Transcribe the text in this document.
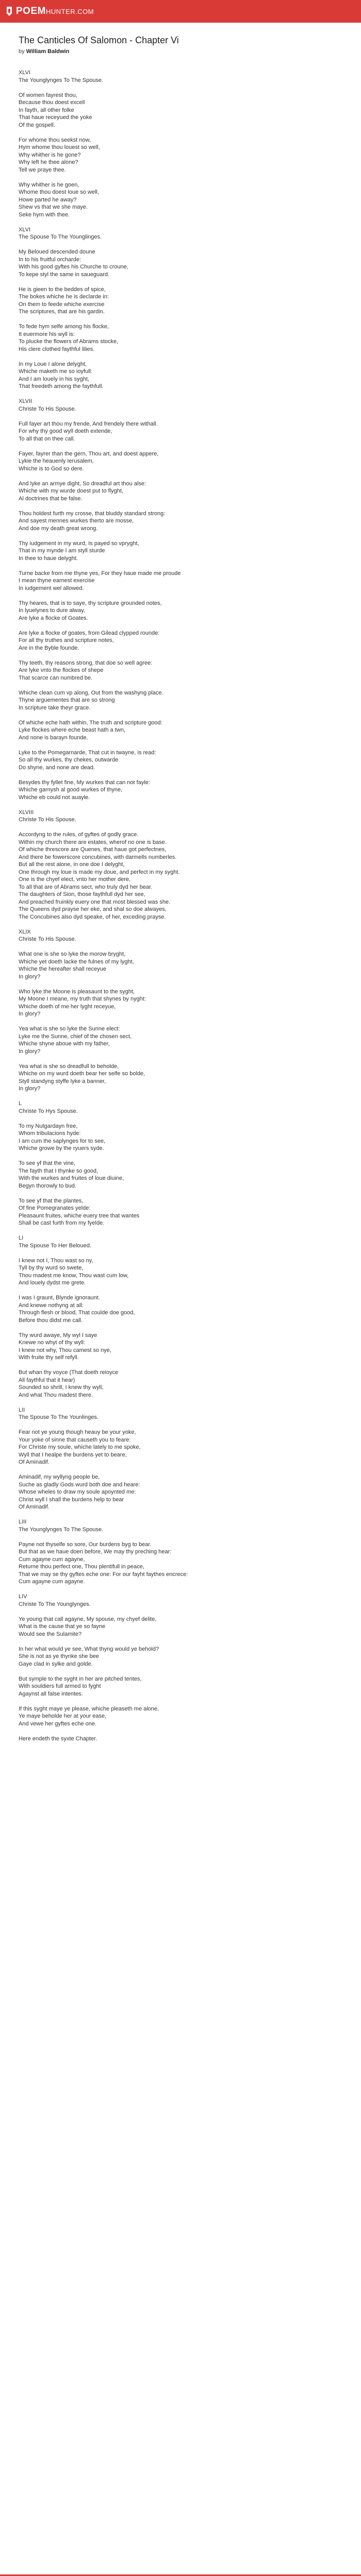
POEM HUNTER.COM
The Canticles Of Salomon - Chapter Vi
by William Baldwin
XLVI
The Younglynges To The Spouse.
Of women fayrest thou,
Because thou doest excell
In fayth, all other folke
That haue receyued the yoke
Of the gospell.
For whome thou seekst now,
Hym whome thou louest so well,
Why whither is he gone?
Why left he thee alone?
Tell we praye thee.
Why whither is he goen,
Whome thou doest loue so well,
Howe parted he away?
Shew vs that we she maye.
Seke hym with thee.
XLVI
The Spouse To The Younglinges.
My Beloued descended doune
In to his fruitful orcharde:
With his good gyftes his Churche to croune,
To kepe styl the same in saueguard.
He is gieen to the beddes of spice,
The bokes whiche he is declarde in:
On them to feede whiche exercise
The scriptures, that are his gardin.
To fede hym selfe among his flocke,
It euermore his wyll is:
To plucke the flowers of Abrams stocke,
His clere clothed faythful lilies.
In my Loue I alone delyght,
Whiche maketh me so ioyfull:
And I am louely in his syght,
That freedeth among the faythfull.
XLVII
Christe To His Spouse.
Full fayer art thou my frende, And frendely there withall.
For why thy good wyll doeth extende,
To all that on thee call.
Fayer, fayrer than the gern, Thou art, and doest appere,
Lykie the heauenly Ierusalem,
Whiche is to God so dere.
And lyke an armye dight, So dreadful art thou alse:
Whiche with my wurde doest put to flyght,
Al doctrines that be false.
Thou holdest furth my crosse, that bluddy standard strong:
And sayest mennes wurkes therto are mosse,
And doe my death great wrong.
Thy iudgement in my wurd, Is payed so vpryght,
That in my mynde I am styll sturde
In thee to haue delyght.
Turne backe from me thyne yes, For they haue made me proude
I mean thyne earnest exercise
In iudgement wel allowed.
Thy heares, that is to saye, thy scripture grounded notes,
In lyuelynes to dure alway,
Are lyke a flocke of Goates.
Are lyke a flocke of goates, from Gilead clypped rounde:
For all thy truthes and scripture notes,
Are in the Byble founde.
Thy teeth, thy reasons strong, that doe so well agree:
Are lyke vnto the flockes of shepe
That scarce can numbred be.
Whiche clean cum vp along, Out from the washyng place.
Thyne arguementes that are so strong
In scripture take theyr grace.
Of whiche eche hath within, The truth and scripture good:
Lyke flockes where eche beast hath a twn,
And none is barayn founde.
Lyke to the Pomegarnarde, That cut in twayne, is read:
So all thy wurkes, thy chekes, outwarde
Do shyne, and none are dead.
Besydes thy fyllet fine, My wurkes that can not fayle:
Whiche garnysh al good wurkes of thyne,
Whiche eb could not auayle.
XLVIII
Christe To His Spouse.
Accordyng to the rules, of gyftes of godly grace.
Within my church there are estates, wherof no one is base.
Of whiche threscore are Quenes, that haue got perfectnes,
And there be fowerscore concubines, with darmells numberles.
But all the rest alone, in one doe I delyght,
One through my loue is made my doue, and perfect in my syght.
One is the chyef elect, vnto her mother dere,
To all that are of Abrams sect, who truly dyd her bear.
The daughters of Sion, those faythfull dyd her see,
And preached fruinkly euery one that most blessed was she.
The Queens dyd prayse her eke, and shal so doe alwayes,
The Concubines also dyd speake, of her, exceding prayse.
XLIX
Christe To His Spouse.
What one is she so lyke the morow bryght,
Whiche yet doeth lacke the fulnes of my lyght,
Whiche the hereafter shall receyue
In glory?
Who lyke the Moone is pleasaunt to the syght,
My Moone I meane, my truth that shynes by nyght:
Whiche doeth of me her lyght receyue,
In glory?
Yea what is she so lyke the Sunne elect:
Lyke me the Sunne, chief of the chosen sect,
Whiche shyne aboue with my father,
In glory?
Yea what is she so dreadfull to beholde,
Whiche on my wurd doeth bear her selfe so bolde,
Styll standyng styffe lyke a banner,
In glory?
L
Christe To Hys Spouse.
To my Nutgardayn free,
Whom tribulacions hyde:
I am cum the saplynges for to see,
Whiche growe by the ryuers syde.
To see yf that the vine,
The fayth that I thynke so good,
With the wurkes and fruites of loue diuine,
Begyn thorowly to bud.
To see yf that the plantes,
Of fine Pomegranates yelde:
Pleasaunt fruites, whiche euery tree that wantes
Shall be cast furth from my fyelde.
LI
The Spouse To Her Beloued.
I knew not I, Thou wast so ny,
Tyll by thy wurd so swete,
Thou madest me know, Thou wast cum low,
And louely dydst me grete.
I was I graunt, Blynde ignoraunt.
And knewe nothyng at all:
Through flesh or blood, That coulde doe good,
Before thou didst me call.
Thy wurd awaye, My wyl I saye
Knewe no whyt of thy wyll:
I knew not why, Thou camest so nye,
With fruite thy self refyll.
But whan thy voyce (That doeth reioyce
All faythful that it hear)
Sounded so shrill, I knew thy wyll,
And what Thou madest there.
LII
The Spouse To The Younlinges.
Fear not ye young though heauy be your yoke,
Your yoke of sinne that causeth you to feare:
For Christe my soule, whiche lately to me spoke,
Wyll that I healpe the burdens yet to beare,
Of Aminadif.
Aminadif, my wyllyng people be,
Suche as gladly Gods wurd both doe and heare:
Whose wheles to draw my soule apoynted me:
Christ wyll I shall the burdens help to bear
Of Aminadif.
LIII
The Younglynges To The Spouse.
Payne not thyselfe so sore, Our burdens byg to bear.
But that as we haue doen before, We may thy preching hear:
Cum agayne cum agayne,
Returne thou perfect one, Thou plentifull in peace,
That we may se thy gyftes eche one: For our fayht faythes encrece:
Cum agayne cum agayne.
LIV
Christe To The Younglynges.
Ye young that call agayne, My spouse, my chyef delite,
What is the cause that ye so fayne
Would see the Sulamite?
In her what would ye see, What thyng would ye behold?
She is not as ye thynke she bee
Gaye clad in sylke and golde.
But symple to the syght in her are pitched tentes,
With souldiers full armed to fyght
Agaynst all false intentes.
If this syght maye ye please, whiche pleaseth me alone,
Ye maye beholde her at your ease,
And vewe her gyftes eche one.
Here endeth the syxte Chapter.
